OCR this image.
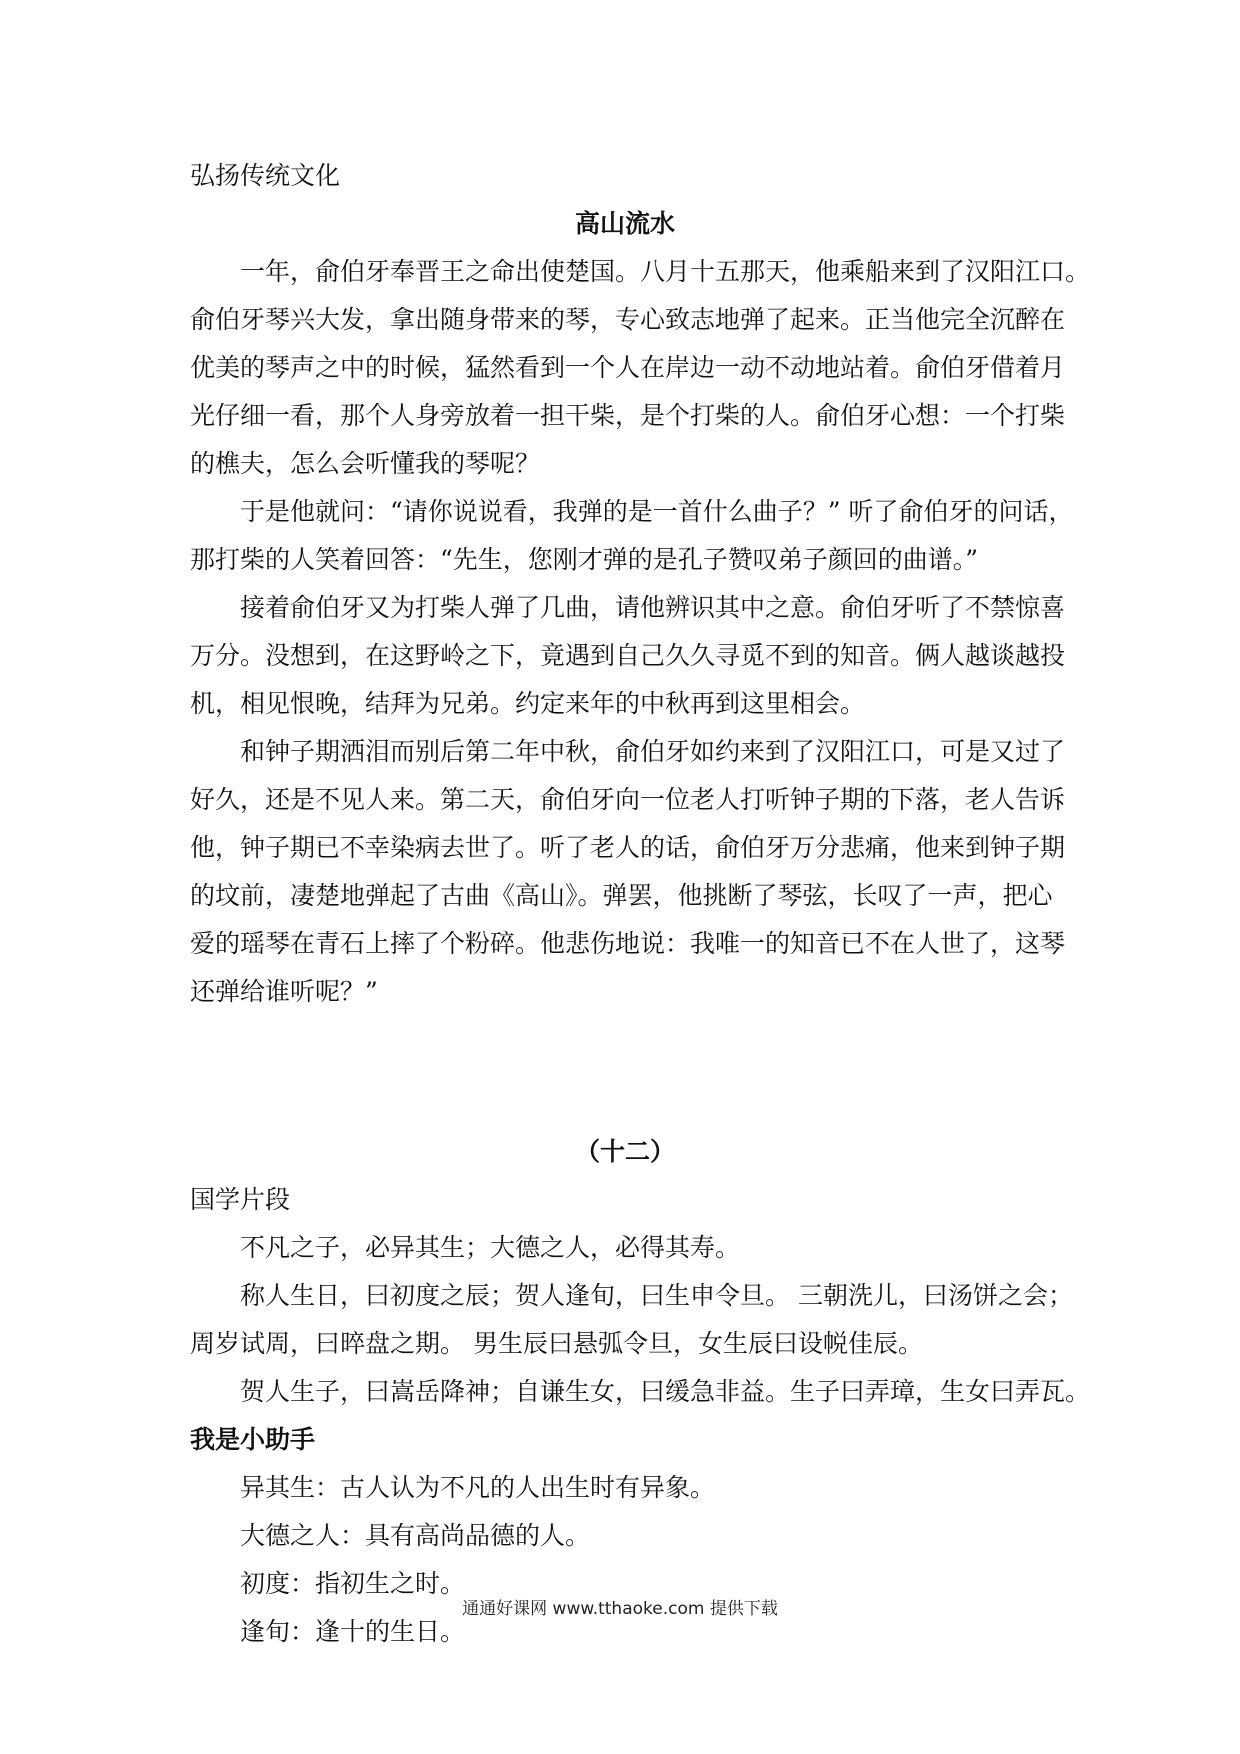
弘扬传统文化

高山流水

一年，俞伯牙奉晋王之命出使楚国。八月十五那天，他乘船来到了汉阳江口。

俞伯牙琴兴大发，拿出随身带来的琴，专心致志地弹了起来。正当他完全沉醉在

优美的琴声之中的时候，猛然看到一个人在岸边一动不动地站着。俞伯牙借着月

光仔细一看，那个人身旁放着一担干柴，是个打柴的人。俞伯牙心想：一个打柴

的樵夫，怎么会听懂我的琴呢？

于是他就问：“请你说说看，我弹的是一首什么曲子？” 听了俞伯牙的问话，

那打柴的人笑着回答：“先生，您刚才弹的是孔子赞叹弟子颜回的曲谱。”

接着俞伯牙又为打柴人弹了几曲，请他辨识其中之意。俞伯牙听了不禁惊喜

万分。没想到，在这野岭之下，竟遇到自己久久寻觅不到的知音。俩人越谈越投

机，相见恨晚，结拜为兄弟。约定来年的中秋再到这里相会。

和钟子期洒泪而别后第二年中秋，俞伯牙如约来到了汉阳江口，可是又过了

好久，还是不见人来。第二天，俞伯牙向一位老人打听钟子期的下落，老人告诉

他，钟子期已不幸染病去世了。听了老人的话，俞伯牙万分悲痛，他来到钟子期

的坟前，凄楚地弹起了古曲《高山》。弹罢，他挑断了琴弦，长叹了一声，把心

爱的瑶琴在青石上摔了个粉碎。他悲伤地说：我唯一的知音已不在人世了，这琴

还弹给谁听呢？”

（十二）

国学片段

不凡之子，必异其生；大德之人，必得其寿。

称人生日，曰初度之辰；贺人逢旬，曰生申令旦。 三朝洗儿，曰汤饼之会；

周岁试周，曰晬盘之期。 男生辰曰悬弧令旦，女生辰曰设帨佳辰。

贺人生子，曰嵩岳降神；自谦生女，曰缓急非益。生子曰弄璋，生女曰弄瓦。

我是小助手

异其生：古人认为不凡的人出生时有异象。

大德之人：具有高尚品德的人。

初度：指初生之时。

逢旬：逢十的生日。

通通好课网 www.tthaoke.com 提供下载
